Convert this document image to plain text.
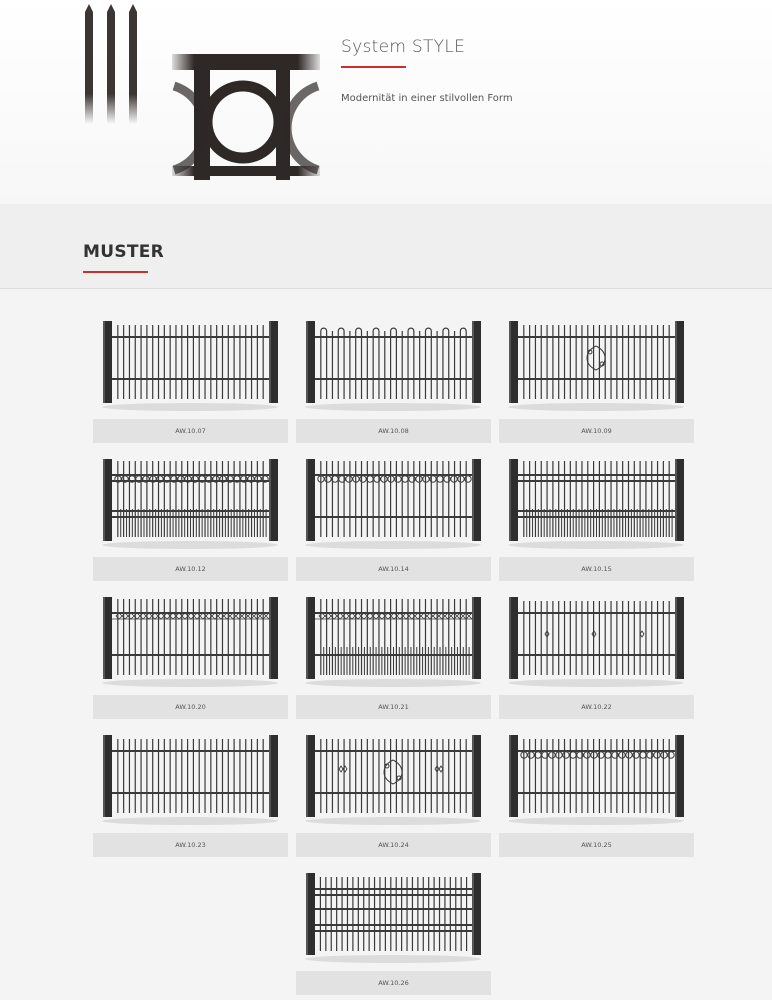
System STYLE
Modernität in einer stilvollen Form
MUSTER
AW.10.07	AW.10.08	AW.10.09
AW.10.12	AW.10.14	AW.10.15
AW.10.20	AW.10.21	AW.10.22
AW.10.23	AW.10.24	AW.10.25
AW.10.26
